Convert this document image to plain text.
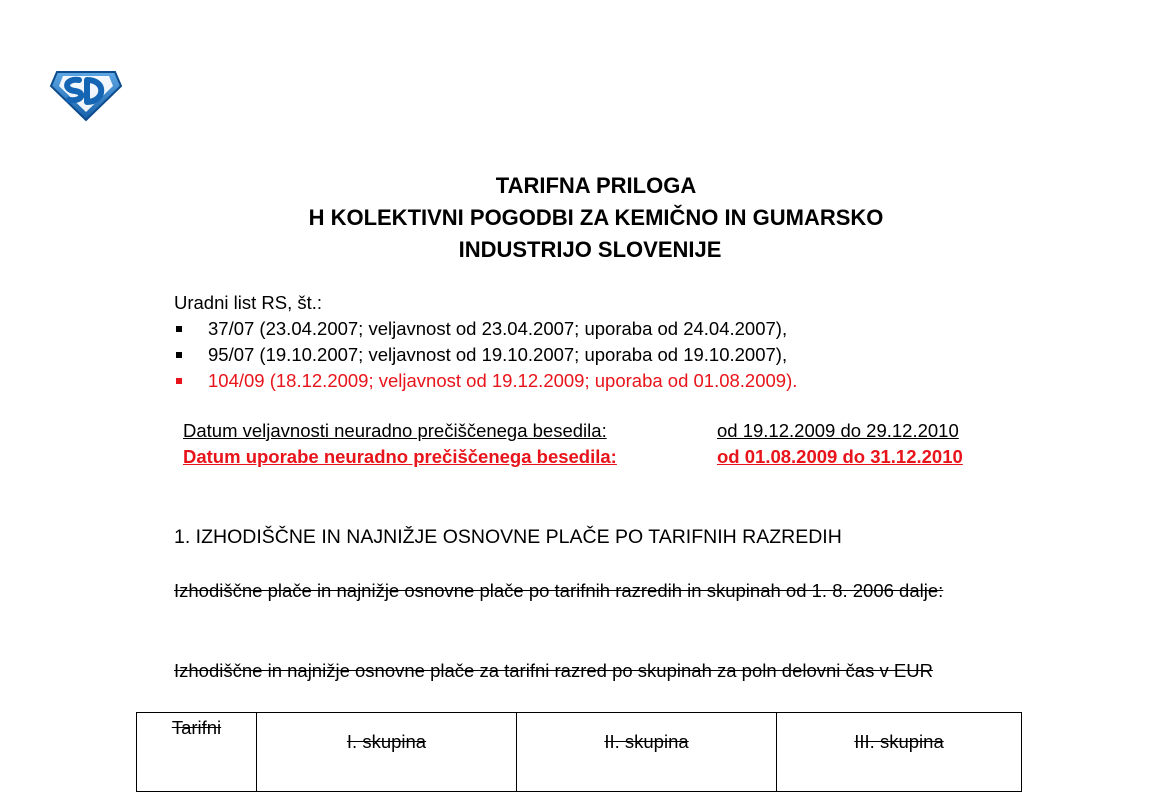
TARIFNA PRILOGA
H KOLEKTIVNI POGODBI ZA KEMIČNO IN GUMARSKO
INDUSTRIJO SLOVENIJE
Uradni list RS, št.:
37/07 (23.04.2007; veljavnost od 23.04.2007; uporaba od 24.04.2007),
95/07 (19.10.2007; veljavnost od 19.10.2007; uporaba od 19.10.2007),
104/09 (18.12.2009; veljavnost od 19.12.2009; uporaba od 01.08.2009).
Datum veljavnosti neuradno prečiščenega besedila:	od 19.12.2009 do 29.12.2010
Datum uporabe neuradno prečiščenega besedila:	od 01.08.2009 do 31.12.2010
1. IZHODIŠČNE IN NAJNIŽJE OSNOVNE PLAČE PO TARIFNIH RAZREDIH
Izhodiščne plače in najnižje osnovne plače po tarifnih razredih in skupinah od 1. 8. 2006 dalje:
Izhodiščne in najnižje osnovne plače za tarifni razred po skupinah za poln delovni čas v EUR
Tarifni	I. skupina	II. skupina	III. skupina
